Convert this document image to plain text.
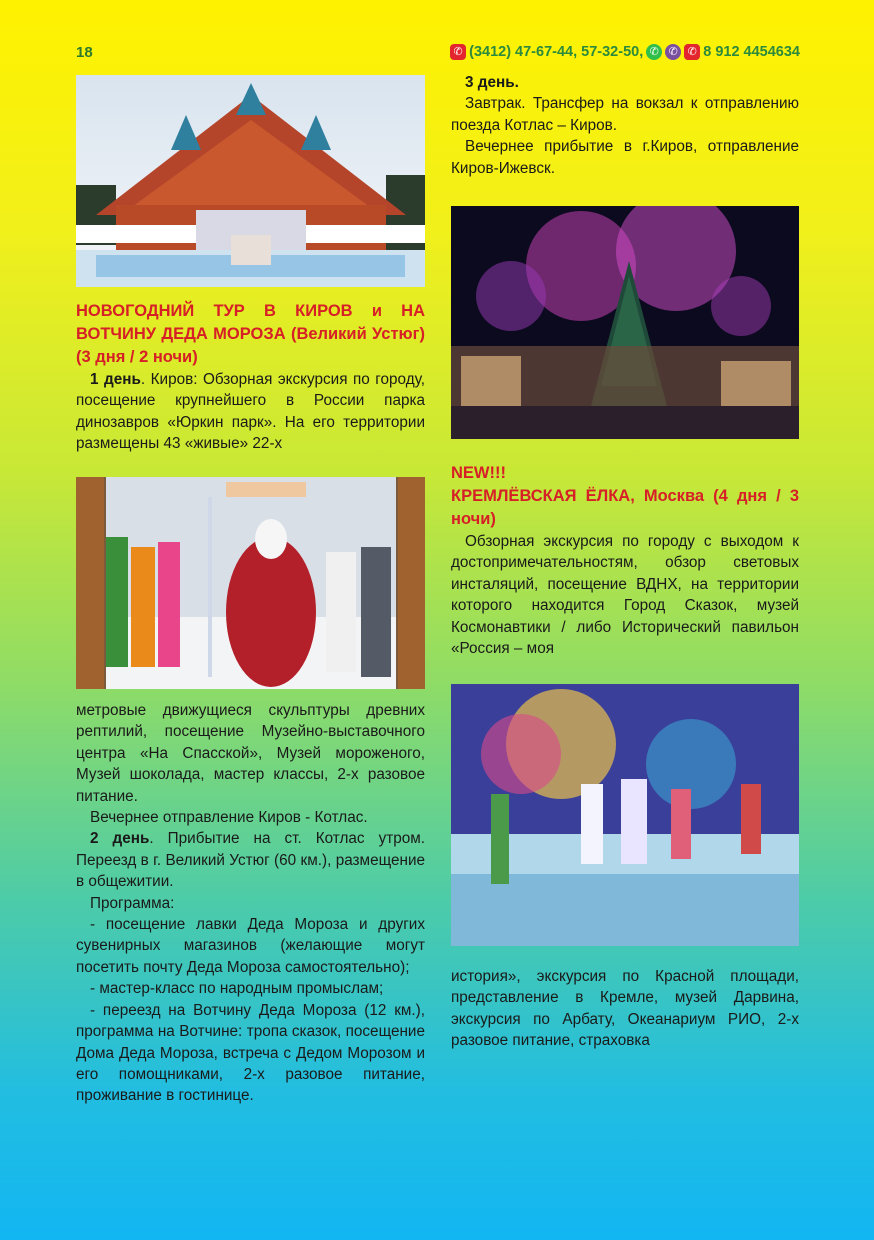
18	✆ (3412) 47-67-44, 57-32-50, ✆ ✆ ✆ 8 912 4454634

НОВОГОДНИЙ ТУР В КИРОВ и НА ВОТЧИНУ ДЕДА МОРОЗА (Великий Устюг) (3 дня / 2 ночи)

1 день. Киров: Обзорная экскурсия по городу, посещение крупнейшего в России парка динозавров «Юркин парк». На его территории размещены 43 «живые» 22-х

метровые движущиеся скульптуры древних рептилий, посещение Музейно-выставочного центра «На Спасской», Музей мороженого, Музей шоколада, мастер классы, 2-х разовое питание.

Вечернее отправление Киров - Котлас.

2 день. Прибытие на ст. Котлас утром. Переезд в г. Великий Устюг (60 км.), размещение в общежитии.

Программа:

- посещение лавки Деда Мороза и других сувенирных магазинов (желающие могут посетить почту Деда Мороза самостоятельно);

- мастер-класс по народным промыслам;

- переезд на Вотчину Деда Мороза (12 км.), программа на Вотчине: тропа сказок, посещение Дома Деда Мороза, встреча с Дедом Морозом и его помощниками, 2-х разовое питание, проживание в гостинице.

3 день.

Завтрак. Трансфер на вокзал к отправлению поезда Котлас – Киров.

Вечернее прибытие в г.Киров, отправление Киров-Ижевск.

NEW!!!

КРЕМЛЁВСКАЯ ЁЛКА, Москва (4 дня / 3 ночи)

Обзорная экскурсия по городу с выходом к достопримечательностям, обзор световых инсталяций, посещение ВДНХ, на территории которого находится Город Сказок, музей Космонавтики / либо Исторический павильон «Россия – моя

история», экскурсия по Красной площади, представление в Кремле, музей Дарвина, экскурсия по Арбату, Океанариум РИО, 2-х разовое питание, страховка
